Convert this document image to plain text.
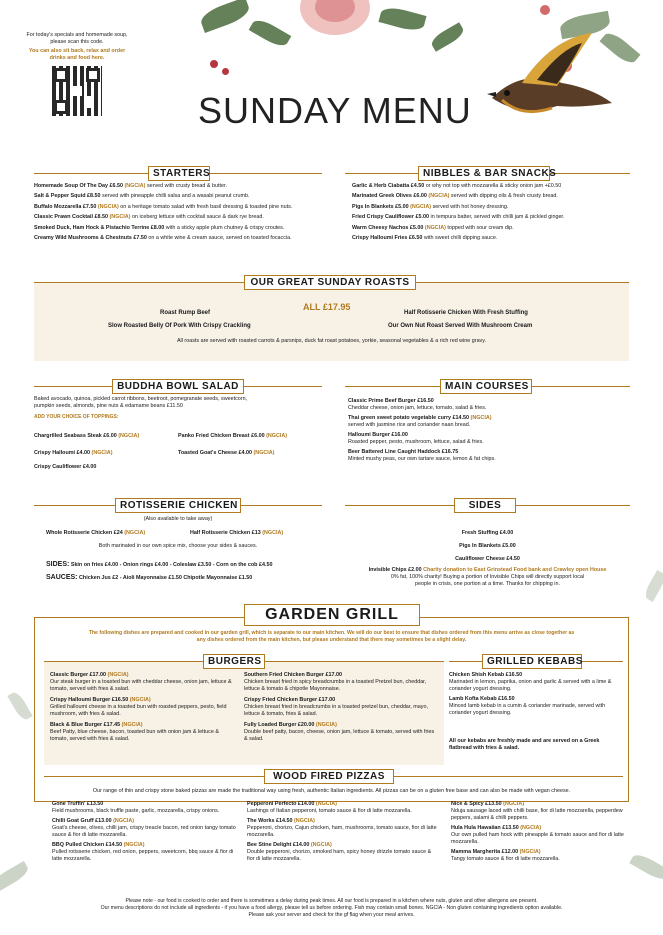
For today's specials and homemade soup,
please scan this code.
You can also sit back, relax and order
drinks and food here.
SUNDAY MENU
STARTERS
Homemade Soup Of The Day £6.50 (NGCIA) served with crusty bread & butter.
Salt & Pepper Squid £8.50 served with pineapple chilli salsa and a wasabi peanut crumb.
Buffalo Mozzarella £7.50 (NGCIA) on a heritage tomato salad with fresh basil dressing & toasted pine nuts.
Classic Prawn Cocktail £8.50 (NGCIA) on iceberg lettuce with cocktail sauce & dark rye bread.
Smoked Duck, Ham Hock & Pistachio Terrine £8.00 with a sticky apple plum chutney & crispy croutes.
Creamy Wild Mushrooms & Chestnuts £7.50 on a white wine & cream sauce, served on toasted focaccia.
NIBBLES & BAR SNACKS
Garlic & Herb Ciabatta £4.50 or why not top with mozzarella & sticky onion jam +£0.50
Marinated Greek Olives £6.00 (NGCIA) served with dipping oils & fresh crusty bread.
Pigs In Blankets £5.00 (NGCIA) served with hot honey dressing.
Fried Crispy Cauliflower £5.00 in tempura batter, served with chilli jam & pickled ginger.
Warm Cheesy Nachos £5.00 (NGCIA) topped with sour cream dip.
Crispy Halloumi Fries £6.50 with sweet chilli dipping sauce.
OUR GREAT SUNDAY ROASTS
ALL £17.95
Roast Rump Beef
Slow Roasted Belly Of Pork With Crispy Crackling
Half Rotisserie Chicken With Fresh Stuffing
Our Own Nut Roast Served With Mushroom Cream
All roasts are served with roasted carrots & parsnips, duck fat roast potatoes, yorkie, seasonal vegetables & a rich red wine gravy.
BUDDHA BOWL SALAD
Baked avocado, quinoa, pickled carrot ribbons, beetroot, pomegranate seeds, sweetcorn,
pumpkin seeds, almonds, pine nuts & edamame beans £11.50
ADD YOUR CHOICE OF TOPPINGS:
Chargrilled Seabass Steak £6.00 (NGCIA)	Panko Fried Chicken Breast £6.00 (NGCIA)
Crispy Halloumi £4.00 (NGCIA)	Toasted Goat's Cheese £4.00 (NGCIA)
Crispy Cauliflower £4.00
MAIN COURSES
Classic Prime Beef Burger £16.50
Cheddar cheese, onion jam, lettuce, tomato, salad & fries.
Thai green sweet potato vegetable curry £14.50 (NGCIA)
served with jasmine rice and coriander naan bread.
Halloumi Burger £16.00
Roasted pepper, pesto, mushroom, lettuce, salad & fries.
Beer Battered Line Caught Haddock £16.75
Minted mushy peas, our own tartare sauce, lemon & fat chips.
ROTISSERIE CHICKEN
(Also available to take away)
Whole Rotisserie Chicken £24 (NGCIA)	Half Rotisserie Chicken £13 (NGCIA)
Both marinated in our own spice mix, choose your sides & sauces.
SIDES: Skin on fries £4.00 - Onion rings £4.00 - Coleslaw £3.50 - Corn on the cob £4.50
SAUCES: Chicken Jus £2 - Aioli Mayonnaise £1.50 Chipotle Mayonnaise £1.50
SIDES
Fresh Stuffing £4.00
Pigs In Blankets £5.00
Cauliflower Cheese £4.50
Invisible Chips £2.00 Charity donation to East Grinstead Food bank and Crawley open House
0% fat, 100% charity! Buying a portion of Invisible Chips will directly support local
people in crisis, one portion at a time. Thanks for chipping in.
GARDEN GRILL
The following dishes are prepared and cooked in our garden grill, which is separate to our main kitchen. We will do our best to ensure that dishes ordered from this menu arrive as close together as
any dishes ordered from the main kitchen, but please understand that there may sometimes be a slight delay.
BURGERS
Classic Burger £17.00 (NGCIA)
Our steak burger in a toasted bun with cheddar cheese, onion jam, lettuce & tomato, served with fries & salad.
Crispy Halloumi Burger £16.50 (NGCIA)
Grilled halloumi cheese in a toasted bun with roasted peppers, pesto, field mushroom, with fries & salad.
Black & Blue Burger £17.45 (NGCIA)
Beef Patty, blue cheese, bacon, toasted bun with onion jam & lettuce & tomato, served with fries & salad.
Southern Fried Chicken Burger £17.00
Chicken breast fried in spicy breadcrumbs in a toasted Pretzel bun, cheddar, lettuce & tomato & chipotle Mayonnaise.
Crispy Fried Chicken Burger £17.00
Chicken breast fried in breadcrumbs in a toasted pretzel bun, cheddar, mayo, lettuce & tomato, fries & salad.
Fully Loaded Burger £20.00 (NGCIA)
Double beef patty, bacon, cheese, onion jam, lettuce & tomato, served with fries & salad.
GRILLED KEBABS
Chicken Shish Kebab £16.50
Marinated in lemon, paprika, onion and garlic & served with a lime & coriander yogurt dressing.
Lamb Kofta Kebab £16.50
Minced lamb kebab in a cumin & coriander marinade, served with coriander yogurt dressing.
All our kebabs are freshly made and are served on a Greek flatbread with fries & salad.
WOOD FIRED PIZZAS
Our range of thin and crispy stone baked pizzas are made the traditional way using fresh, authentic Italian ingredients. All pizzas can be on a gluten free base and can also be made with vegan cheese.
Gone Truffin' £13.50
Field mushrooms, black truffle paste, garlic, mozzarella, crispy onions.
Chilli Goat Gruff £13.00 (NGCIA)
Goat's cheese, olives, chilli jam, crispy treacle bacon, red onion tangy tomato sauce & fior di latte mozzarella.
BBQ Pulled Chicken £14.50 (NGCIA)
Pulled rotisserie chicken, red onion, peppers, sweetcorn, bbq sauce & fior di latte mozzarella.
Pepperoni Perfecto £14.00 (NGCIA)
Lashings of Italian pepperoni, tomato sauce & fior di latte mozzarella.
The Works £14.50 (NGCIA)
Pepperoni, chorizo, Cajun chicken, ham, mushrooms, tomato sauce, fior di latte mozzarella.
Bee Stine Delight £14.00 (NGCIA)
Double pepperoni, chorizo, smoked ham, spicy honey drizzle tomato sauce & fior di latte mozzarella.
Nice & Spicy £13.50 (NGCIA)
Nduja sausage laced with chilli base, fior di latte mozzarella, pepperdew peppers, salami & chilli peppers.
Hula Hula Hawaiian £13.50 (NGCIA)
Our own pulled ham hock with pineapple & tomato sauce and fior di latte mozzarella.
Mamma Margherita £12.00 (NGCIA)
Tangy tomato sauce & fior di latte mozzarella.
Please note - our food is cooked to order and there is sometimes a delay during peak times. All our food is prepared in a kitchen where nuts, gluten and other allergens are present.
Our menu descriptions do not include all ingredients - if you have a food allergy, please tell us before ordering. Fish may contain small bones. NGCIA - Non gluten containing ingredients option available.
Please ask your server and check for the gf flag when your meal arrives.
